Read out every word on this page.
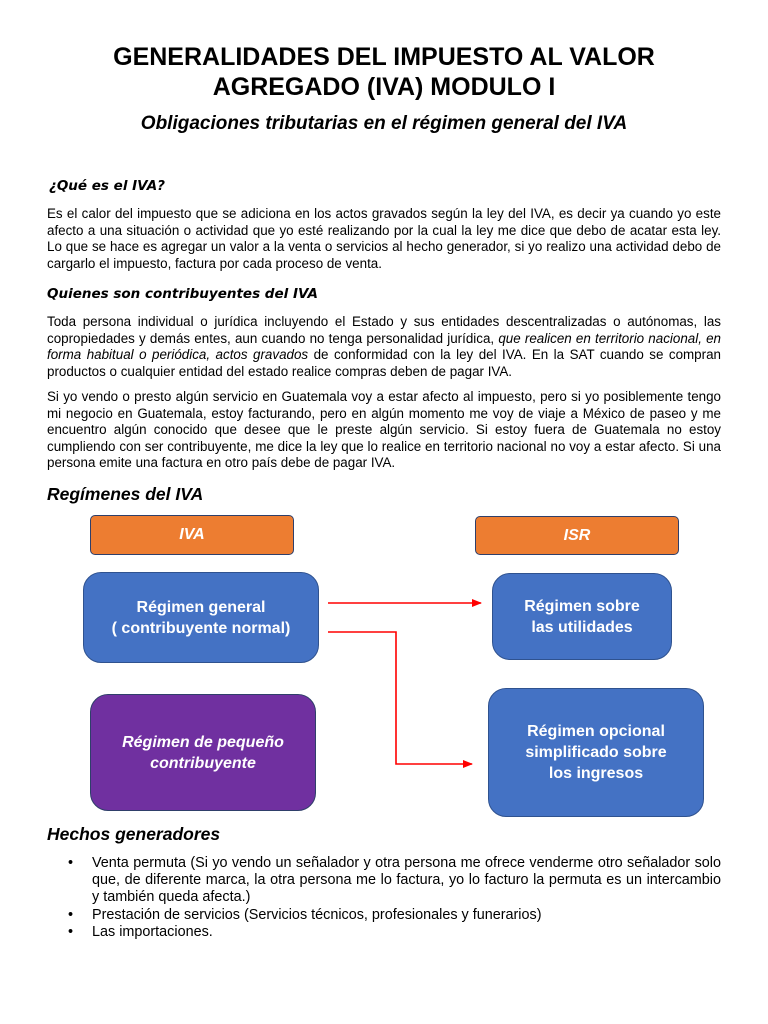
GENERALIDADES DEL IMPUESTO AL VALOR
AGREGADO (IVA) MODULO I
Obligaciones tributarias en el régimen general del IVA
¿Qué es el IVA?

Es el calor del impuesto que se adiciona en los actos gravados según la ley del IVA, es decir ya cuando yo este afecto a una situación o actividad que yo esté realizando por la cual la ley me dice que debo de acatar esta ley. Lo que se hace es agregar un valor a la venta o servicios al hecho generador, si yo realizo una actividad debo de cargarlo el impuesto, factura por cada proceso de venta.

Quienes son contribuyentes del IVA

Toda persona individual o jurídica incluyendo el Estado y sus entidades descentralizadas o autónomas, las copropiedades y demás entes, aun cuando no tenga personalidad jurídica, que realicen en territorio nacional, en forma habitual o periódica, actos gravados de conformidad con la ley del IVA. En la SAT cuando se compran productos o cualquier entidad del estado realice compras deben de pagar IVA.

Si yo vendo o presto algún servicio en Guatemala voy a estar afecto al impuesto, pero si yo posiblemente tengo mi negocio en Guatemala, estoy facturando, pero en algún momento me voy de viaje a México de paseo y me encuentro algún conocido que desee que le preste algún servicio. Si estoy fuera de Guatemala no estoy cumpliendo con ser contribuyente, me dice la ley que lo realice en territorio nacional no voy a estar afecto. Si una persona emite una factura en otro país debe de pagar IVA.

Regímenes del IVA
IVA	ISR
Régimen general
( contribuyente normal)
Régimen sobre
las utilidades
Régimen de pequeño
contribuyente
Régimen opcional
simplificado sobre
los ingresos
Hechos generadores
•	Venta permuta (Si yo vendo un señalador y otra persona me ofrece venderme otro señalador solo que, de diferente marca, la otra persona me lo factura, yo lo facturo la permuta es un intercambio y también queda afecta.)
•	Prestación de servicios (Servicios técnicos, profesionales y funerarios)
•	Las importaciones.
